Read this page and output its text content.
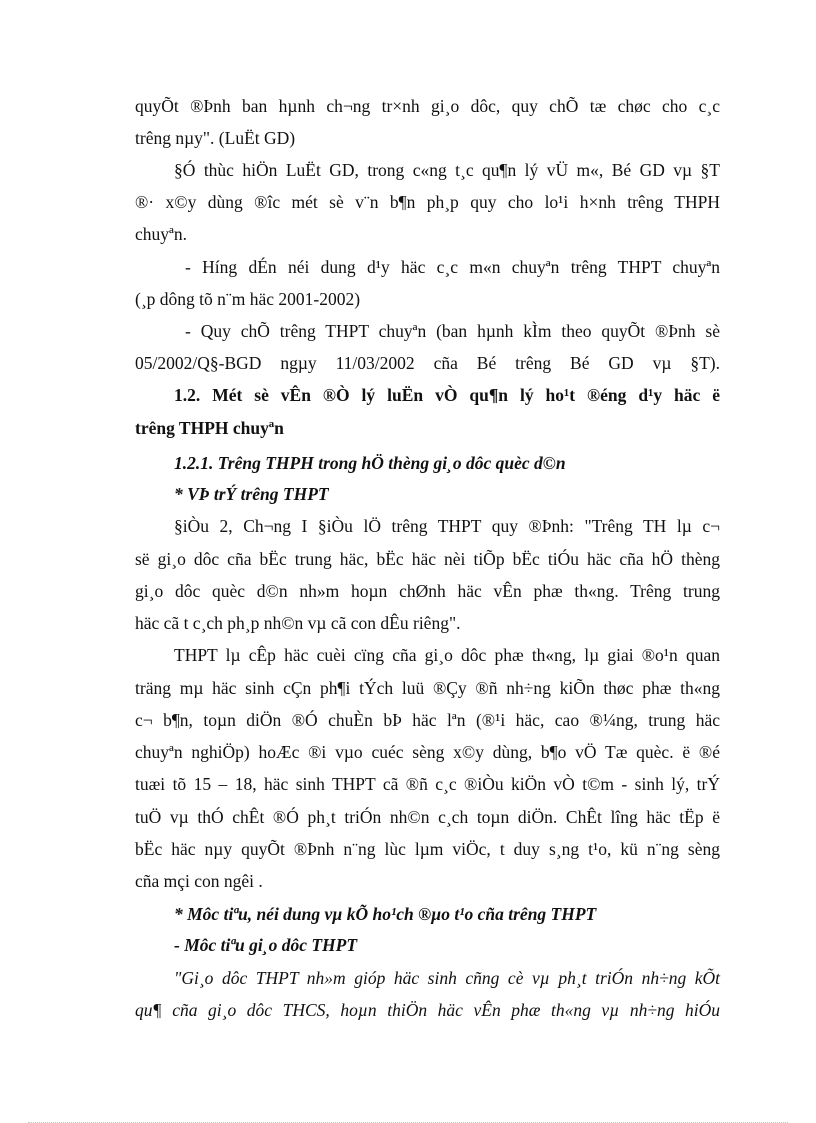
quyÕt ®Þnh ban hµnh ch¬ng tr×nh gi¸o dôc, quy chÕ tæ chøc cho c¸c
trêng nµy". (LuËt GD)
§Ó thùc hiÖn LuËt GD, trong c«ng t¸c qu¶n lý vÜ m«, Bé GD vµ §T
®· x©y dùng ®îc mét sè v¨n b¶n ph¸p quy cho lo¹i h×nh trêng THPH
chuyªn.
- Híng dÉn néi dung d¹y häc c¸c m«n chuyªn trêng THPT chuyªn
(¸p dông tõ n¨m häc 2001-2002)
- Quy chÕ trêng THPT chuyªn (ban hµnh kÌm theo quyÕt ®Þnh sè
05/2002/Q§-BGD ngµy 11/03/2002 cña Bé trêng Bé GD vµ §T).
1.2. Mét sè vÊn ®Ò lý luËn vÒ qu¶n lý ho¹t ®éng d¹y häc ë
trêng THPH chuyªn
1.2.1. Trêng THPH trong hÖ thèng gi¸o dôc quèc d©n
* VÞ trÝ trêng THPT
§iÒu 2, Ch¬ng I §iÒu lÖ trêng THPT quy ®Þnh: "Trêng TH lµ c¬
së gi¸o dôc cña bËc trung häc, bËc häc nèi tiÕp bËc tiÓu häc cña hÖ thèng
gi¸o dôc quèc d©n nh»m hoµn chØnh häc vÊn phæ th«ng. Trêng trung
häc cã t c¸ch ph¸p nh©n vµ cã con dÊu riêng".
THPT lµ cÊp häc cuèi cïng cña gi¸o dôc phæ th«ng, lµ giai ®o¹n quan
träng mµ häc sinh cÇn ph¶i tÝch luü ®Çy ®ñ nh÷ng kiÕn thøc phæ th«ng
c¬ b¶n, toµn diÖn ®Ó chuÈn bÞ häc lªn (®¹i häc, cao ®¼ng, trung häc
chuyªn nghiÖp) hoÆc ®i vµo cuéc sèng x©y dùng, b¶o vÖ Tæ quèc. ë ®é
tuæi tõ 15 – 18, häc sinh THPT cã ®ñ c¸c ®iÒu kiÖn vÒ t©m - sinh lý, trÝ
tuÖ vµ thÓ chÊt ®Ó ph¸t triÓn nh©n c¸ch toµn diÖn. ChÊt lîng häc tËp ë
bËc häc nµy quyÕt ®Þnh n¨ng lùc lµm viÖc, t duy s¸ng t¹o, kü n¨ng sèng
cña mçi con ngêi .
* Môc tiªu, néi dung vµ kÕ ho¹ch ®µo t¹o cña trêng THPT
- Môc tiªu gi¸o dôc THPT
"Gi¸o dôc THPT nh»m gióp häc sinh cñng cè vµ ph¸t triÓn nh÷ng kÕt
qu¶ cña gi¸o dôc THCS, hoµn thiÖn häc vÊn phæ th«ng vµ nh÷ng hiÓu
